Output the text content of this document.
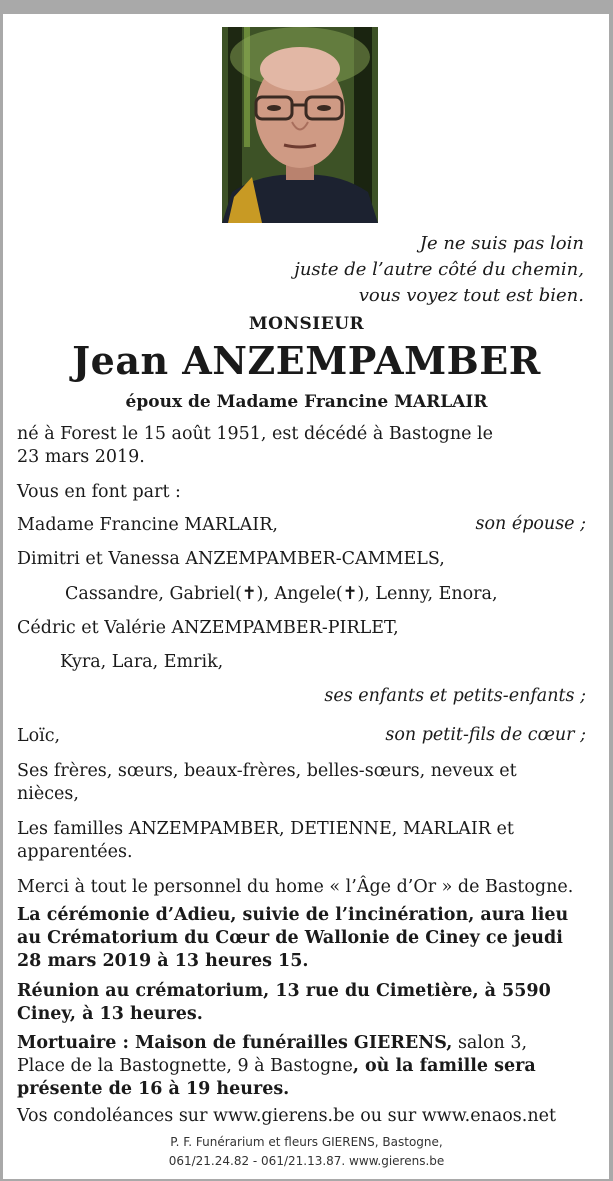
Je ne suis pas loin
juste de l’autre côté du chemin,
vous voyez tout est bien.
MONSIEUR
Jean ANZEMPAMBER
époux de Madame Francine MARLAIR
né à Forest le 15 août 1951, est décédé à Bastogne le
23 mars 2019.
Vous en font part :
Madame Francine MARLAIR,	son épouse ;
Dimitri et Vanessa ANZEMPAMBER-CAMMELS,
Cassandre, Gabriel(✝), Angele(✝), Lenny, Enora,
Cédric et Valérie ANZEMPAMBER-PIRLET,
Kyra, Lara, Emrik,
ses enfants et petits-enfants ;
Loïc,	son petit-fils de cœur ;
Ses frères, sœurs, beaux-frères, belles-sœurs, neveux et nièces,
Les familles ANZEMPAMBER, DETIENNE, MARLAIR et apparentées.
Merci à tout le personnel du home « l’Âge d’Or » de Bastogne.
La cérémonie d’Adieu, suivie de l’incinération, aura lieu au Crématorium du Cœur de Wallonie de Ciney ce jeudi 28 mars 2019 à 13 heures 15.
Réunion au crématorium, 13 rue du Cimetière, à 5590 Ciney, à 13 heures.
Mortuaire : Maison de funérailles GIERENS, salon 3, Place de la Bastognette, 9 à Bastogne, où la famille sera présente de 16 à 19 heures.
Vos condoléances sur www.gierens.be ou sur www.enaos.net
P. F. Funérarium et fleurs GIERENS, Bastogne,
061/21.24.82 - 061/21.13.87. www.gierens.be
